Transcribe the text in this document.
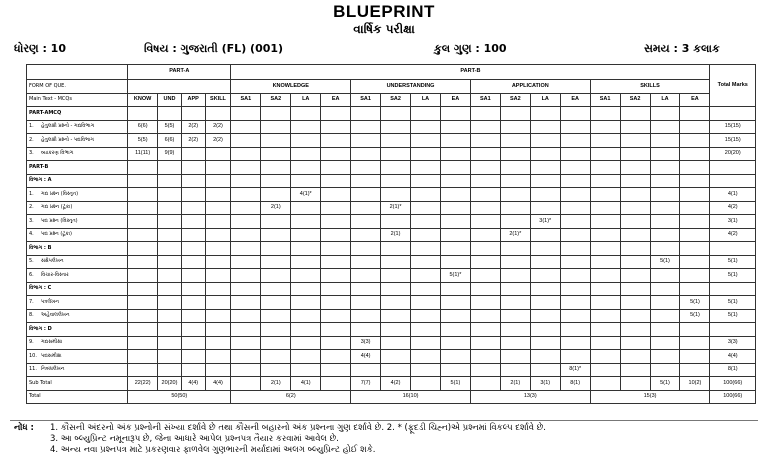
BLUEPRINT
વાર્ષિક પરીક્ષા
ધોરણ : 10	વિષય : ગુજરાતી (FL) (001)	કુલ ગુણ : 100	સમય : 3 કલાક
	PART-A				PART-B																Total Marks
FORM OF QUE.					KNOWLEDGE				UNDERSTANDING				APPLICATION				SKILLS				
Main Text - MCQs	KNOW	UND	APP	SKILL	SA1	SA2	LA	EA	SA1	SA2	LA	EA	SA1	SA2	LA	EA	SA1	SA2	LA	EA	
PART-AMCQ																					
1. હેતુલક્ષી પ્રશ્નો - ગદ્યવિભાગ	6(6)	5(5)	2(2)	2(2)																	15(15)
2. હેતુલક્ષી પ્રશ્નો - પદ્યવિભાગ	5(5)	6(6)	2(2)	2(2)																	15(15)
3. વ્યાકરણ વિભાગ	11(11)	9(9)																			20(20)
PART-B																					
વિભાગ : A																					
1. ગદ્ય પ્રશ્ન (વિસ્તૃત)							4(1)*														4(1)
2. ગદ્ય પ્રશ્ન (ટૂંકા)						2(1)				2(1)*											4(2)
3. પદ્ય પ્રશ્ન (વિસ્તૃત)															3(1)*						3(1)
4. પદ્ય પ્રશ્ન (ટૂંકા)										2(1)				2(1)*							4(2)
વિભાગ : B																					
5. સંક્ષેપલેખન																			5(1)		5(1)
6. વિચાર-વિસ્તાર												5(1)*									5(1)
વિભાગ : C																					
7. પત્રલેખન																				5(1)	5(1)
8. અહેવાલલેખન																				5(1)	5(1)
વિભાગ : D																					
9. ગદ્યસમીક્ષા									3(3)												3(3)
10. પદ્યસમીક્ષા									4(4)												4(4)
11. નિબંધલેખન																8(1)*					8(1)
Sub Total	22(22)	20(20)	4(4)	4(4)		2(1)	4(1)		7(7)	4(2)		5(1)		2(1)	3(1)	8(1)			5(1)	10(2)	100(66)
Total	50(50)				6(2)				16(10)				13(3)				15(3)				100(66)
નોંધ : 1. કૌંસની અંદરનો અંક પ્રશ્નોની સંખ્યા દર્શાવે છે તથા કૌંસની બહારનો અંક પ્રશ્નના ગુણ દર્શાવે છે. 2. * (ફૂદડી ચિહ્ન)એ પ્રશ્નમાં વિકલ્પ દર્શાવે છે.
3. આ બ્લ્યુપ્રિન્ટ નમૂનારૂપ છે, જેના આધારે આપેલ પ્રશ્નપત્ર તૈયાર કરવામાં આવેલ છે.
4. અન્ય નવા પ્રશ્નપત્ર માટે પ્રકરણવાર ફાળવેલ ગુણભારની મર્યાદામાં અલગ બ્લ્યુપ્રિન્ટ હોઈ શકે.
